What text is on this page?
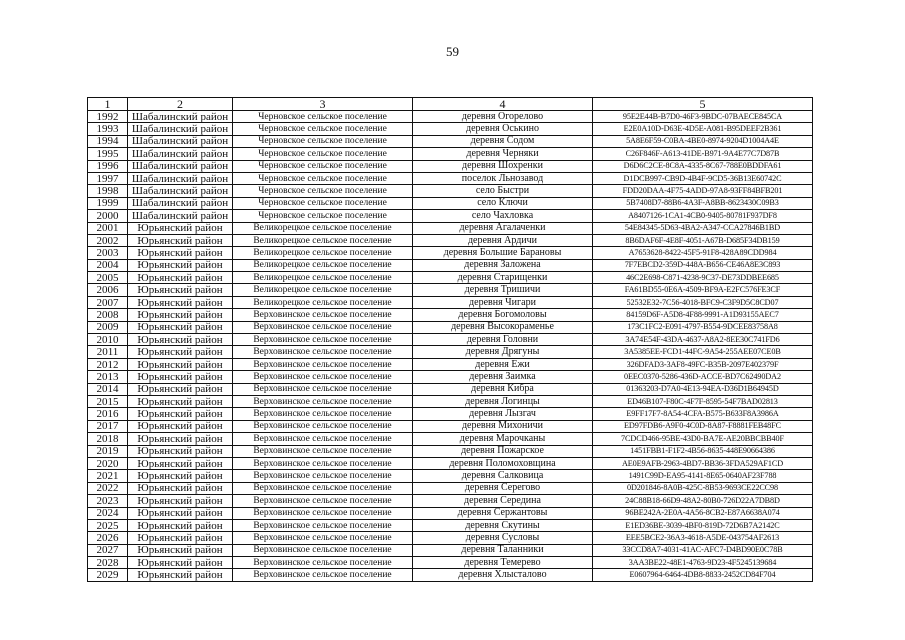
59
1	2	3	4	5
1992	Шабалинский район	Черновское сельское поселение	деревня Огорелово	95E2E44B-B7D0-46F3-9BDC-07BAECE845CA
1993	Шабалинский район	Черновское сельское поселение	деревня Оськино	E2E0A10D-D63E-4D5E-A081-B95DEEF2B361
1994	Шабалинский район	Черновское сельское поселение	деревня Содом	5A8E6F59-C0BA-4BE0-8974-9204D1004A4E
1995	Шабалинский район	Черновское сельское поселение	деревня Черняки	C26F846F-A613-41DE-B971-9A4E77C7D87B
1996	Шабалинский район	Черновское сельское поселение	деревня Шохренки	D6D6C2CE-8C8A-4335-8C67-788E0BDDFA61
1997	Шабалинский район	Черновское сельское поселение	поселок Льнозавод	D1DCB997-CB9D-4B4F-9CD5-36B13E60742C
1998	Шабалинский район	Черновское сельское поселение	село Быстри	FDD20DAA-4F75-4ADD-97A8-93FF84BFB201
1999	Шабалинский район	Черновское сельское поселение	село Ключи	5B7408D7-88B6-4A3F-A8BB-8623430C09B3
2000	Шабалинский район	Черновское сельское поселение	село Чахловка	A8407126-1CA1-4CB0-9405-80781F937DF8
2001	Юрьянский район	Великорецкое сельское поселение	деревня Агалаченки	54E84345-5D63-4BA2-A347-CCA27846B1BD
2002	Юрьянский район	Великорецкое сельское поселение	деревня Ардичи	8B6DAF6F-4E8F-4051-A67B-D685F34DB159
2003	Юрьянский район	Великорецкое сельское поселение	деревня Большие Барановы	A7653628-8422-45F5-91F8-428A89CDD984
2004	Юрьянский район	Великорецкое сельское поселение	деревня Заложена	7F7EBCD2-359D-448A-B656-CE46A8E3C893
2005	Юрьянский район	Великорецкое сельское поселение	деревня Старищенки	46C2E698-C871-4238-9C37-DE73DDBEE685
2006	Юрьянский район	Великорецкое сельское поселение	деревня Тришичи	FA61BD55-0E6A-4509-BF9A-E2FC576FE3CF
2007	Юрьянский район	Великорецкое сельское поселение	деревня Чигари	52532E32-7C56-4018-BFC9-C3F9D5C8CD07
2008	Юрьянский район	Верховинское сельское поселение	деревня Богомоловы	84159D6F-A5D8-4F88-9991-A1D93155AEC7
2009	Юрьянский район	Верховинское сельское поселение	деревня Высокораменье	173C1FC2-E091-4797-B554-9DCEE83758A8
2010	Юрьянский район	Верховинское сельское поселение	деревня Головни	3A74E54F-43DA-4637-A8A2-8EE30C741FD6
2011	Юрьянский район	Верховинское сельское поселение	деревня Дрягуны	3A5385EE-FCD1-44FC-9A54-255AEE07CE0B
2012	Юрьянский район	Верховинское сельское поселение	деревня Ежи	326DFAD3-3AF8-49FC-B35B-2097E402379F
2013	Юрьянский район	Верховинское сельское поселение	деревня Заимка	0EEC0370-5286-436D-ACCE-BD7C62490DA2
2014	Юрьянский район	Верховинское сельское поселение	деревня Кибра	01363203-D7A0-4E13-94EA-D36D1B64945D
2015	Юрьянский район	Верховинское сельское поселение	деревня Логинцы	ED46B107-F80C-4F7F-8595-54F7BAD02813
2016	Юрьянский район	Верховинское сельское поселение	деревня Лызгач	E9FF17F7-8A54-4CFA-B575-B633F8A3986A
2017	Юрьянский район	Верховинское сельское поселение	деревня Михоничи	ED97FDB6-A9F0-4C0D-8A87-F8881FEB48FC
2018	Юрьянский район	Верховинское сельское поселение	деревня Марочканы	7CDCD466-95BE-43D0-BA7E-AE20BBCBB40F
2019	Юрьянский район	Верховинское сельское поселение	деревня Пожарское	1451FBB1-F1F2-4B56-8635-448E90664386
2020	Юрьянский район	Верховинское сельское поселение	деревня Поломоховщина	AE0E9AFB-2963-4BD7-BB36-3FDA529AF1CD
2021	Юрьянский район	Верховинское сельское поселение	деревня Салковица	1491C99D-EA95-4141-8E65-0640AF23F788
2022	Юрьянский район	Верховинское сельское поселение	деревня Серегово	0D201846-8A0B-425C-8B53-9693CE22CC98
2023	Юрьянский район	Верховинское сельское поселение	деревня Середина	24C88B18-66D9-48A2-80B0-726D22A7DB8D
2024	Юрьянский район	Верховинское сельское поселение	деревня Сержантовы	96BE242A-2E0A-4A56-8CB2-E87A6638A074
2025	Юрьянский район	Верховинское сельское поселение	деревня Скутины	E1ED36BE-3039-4BF0-819D-72D6B7A2142C
2026	Юрьянский район	Верховинское сельское поселение	деревня Сусловы	EEE5BCE2-36A3-4618-A5DE-043754AF2613
2027	Юрьянский район	Верховинское сельское поселение	деревня Таланники	33CCD8A7-4031-41AC-AFC7-D4BD90E0C78B
2028	Юрьянский район	Верховинское сельское поселение	деревня Темерево	3AA3BE22-48E1-4763-9D23-4F5245139684
2029	Юрьянский район	Верховинское сельское поселение	деревня Хлысталово	E0607964-6464-4DB8-8833-2452CD84F704
